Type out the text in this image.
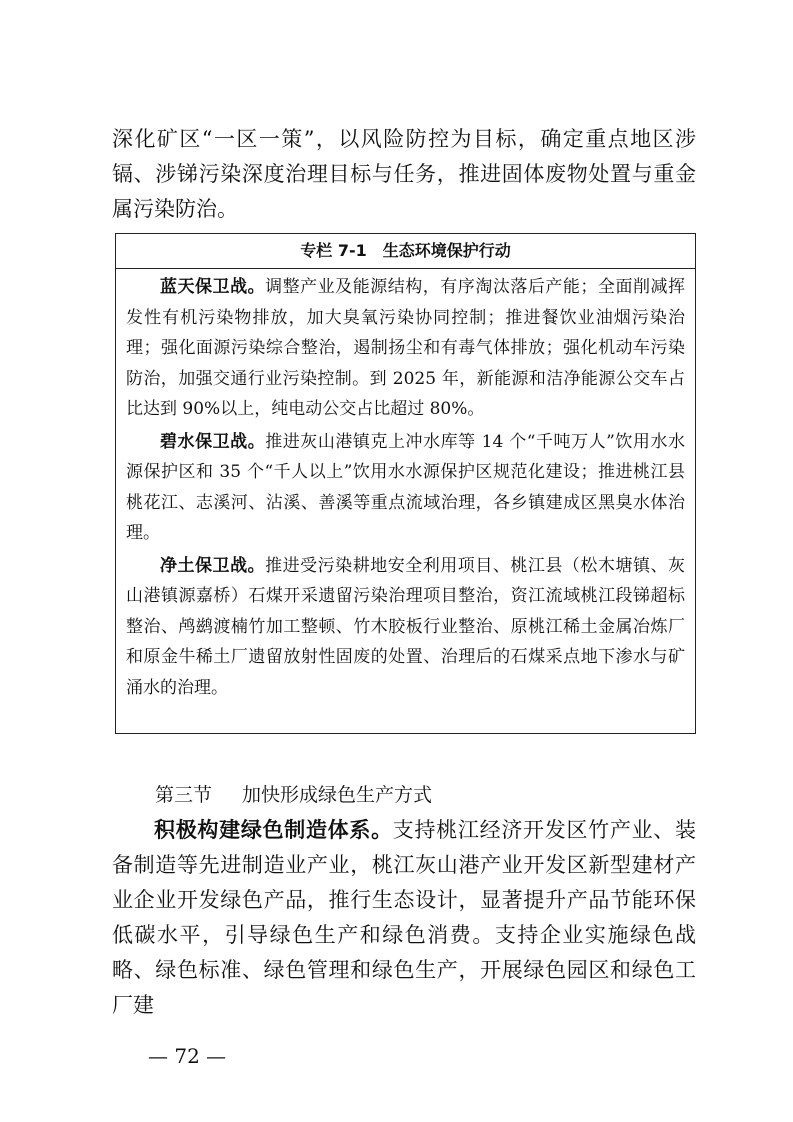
深化矿区“一区一策”，以风险防控为目标，确定重点地区涉镉、涉锑污染深度治理目标与任务，推进固体废物处置与重金属污染防治。

专栏 7-1　生态环境保护行动

蓝天保卫战。调整产业及能源结构，有序淘汰落后产能；全面削减挥发性有机污染物排放，加大臭氧污染协同控制；推进餐饮业油烟污染治理；强化面源污染综合整治，遏制扬尘和有毒气体排放；强化机动车污染防治，加强交通行业污染控制。到 2025 年，新能源和洁净能源公交车占比达到 90%以上，纯电动公交占比超过 80%。

碧水保卫战。推进灰山港镇克上冲水库等 14 个“千吨万人”饮用水水源保护区和 35 个“千人以上”饮用水水源保护区规范化建设；推进桃江县桃花江、志溪河、沾溪、善溪等重点流域治理，各乡镇建成区黑臭水体治理。

净土保卫战。推进受污染耕地安全利用项目、桃江县（松木塘镇、灰山港镇源嘉桥）石煤开采遗留污染治理项目整治，资江流域桃江段锑超标整治、鸬鹚渡楠竹加工整顿、竹木胶板行业整治、原桃江稀土金属冶炼厂和原金牛稀土厂遗留放射性固废的处置、治理后的石煤采点地下渗水与矿涌水的治理。

第三节 加快形成绿色生产方式

积极构建绿色制造体系。支持桃江经济开发区竹产业、装备制造等先进制造业产业，桃江灰山港产业开发区新型建材产业企业开发绿色产品，推行生态设计，显著提升产品节能环保低碳水平，引导绿色生产和绿色消费。支持企业实施绿色战略、绿色标准、绿色管理和绿色生产，开展绿色园区和绿色工厂建

— 72 —
